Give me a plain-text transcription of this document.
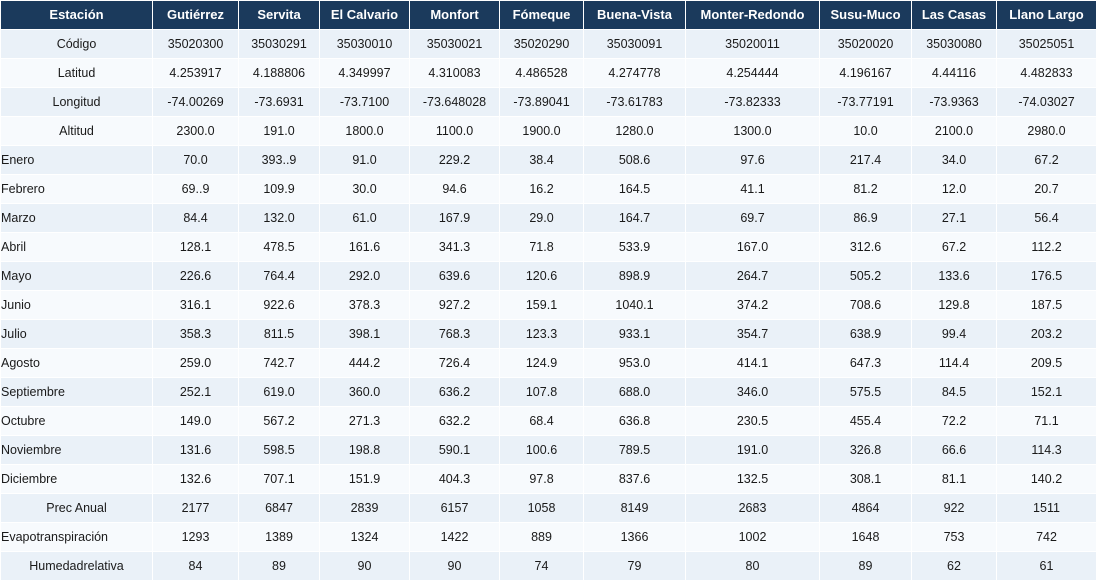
Estación	Gutiérrez	Servita	El Calvario	Monfort	Fómeque	Buena-Vista	Monter-Redondo	Susu-Muco	Las Casas	Llano Largo
Código	35020300	35030291	35030010	35030021	35020290	35030091	35020011	35020020	35030080	35025051
Latitud	4.253917	4.188806	4.349997	4.310083	4.486528	4.274778	4.254444	4.196167	4.44116	4.482833
Longitud	-74.00269	-73.6931	-73.7100	-73.648028	-73.89041	-73.61783	-73.82333	-73.77191	-73.9363	-74.03027
Altitud	2300.0	191.0	1800.0	1100.0	1900.0	1280.0	1300.0	10.0	2100.0	2980.0
Enero	70.0	393..9	91.0	229.2	38.4	508.6	97.6	217.4	34.0	67.2
Febrero	69..9	109.9	30.0	94.6	16.2	164.5	41.1	81.2	12.0	20.7
Marzo	84.4	132.0	61.0	167.9	29.0	164.7	69.7	86.9	27.1	56.4
Abril	128.1	478.5	161.6	341.3	71.8	533.9	167.0	312.6	67.2	112.2
Mayo	226.6	764.4	292.0	639.6	120.6	898.9	264.7	505.2	133.6	176.5
Junio	316.1	922.6	378.3	927.2	159.1	1040.1	374.2	708.6	129.8	187.5
Julio	358.3	811.5	398.1	768.3	123.3	933.1	354.7	638.9	99.4	203.2
Agosto	259.0	742.7	444.2	726.4	124.9	953.0	414.1	647.3	114.4	209.5
Septiembre	252.1	619.0	360.0	636.2	107.8	688.0	346.0	575.5	84.5	152.1
Octubre	149.0	567.2	271.3	632.2	68.4	636.8	230.5	455.4	72.2	71.1
Noviembre	131.6	598.5	198.8	590.1	100.6	789.5	191.0	326.8	66.6	114.3
Diciembre	132.6	707.1	151.9	404.3	97.8	837.6	132.5	308.1	81.1	140.2
Prec Anual	2177	6847	2839	6157	1058	8149	2683	4864	922	1511
Evapotranspiración	1293	1389	1324	1422	889	1366	1002	1648	753	742
Humedadrelativa	84	89	90	90	74	79	80	89	62	61
